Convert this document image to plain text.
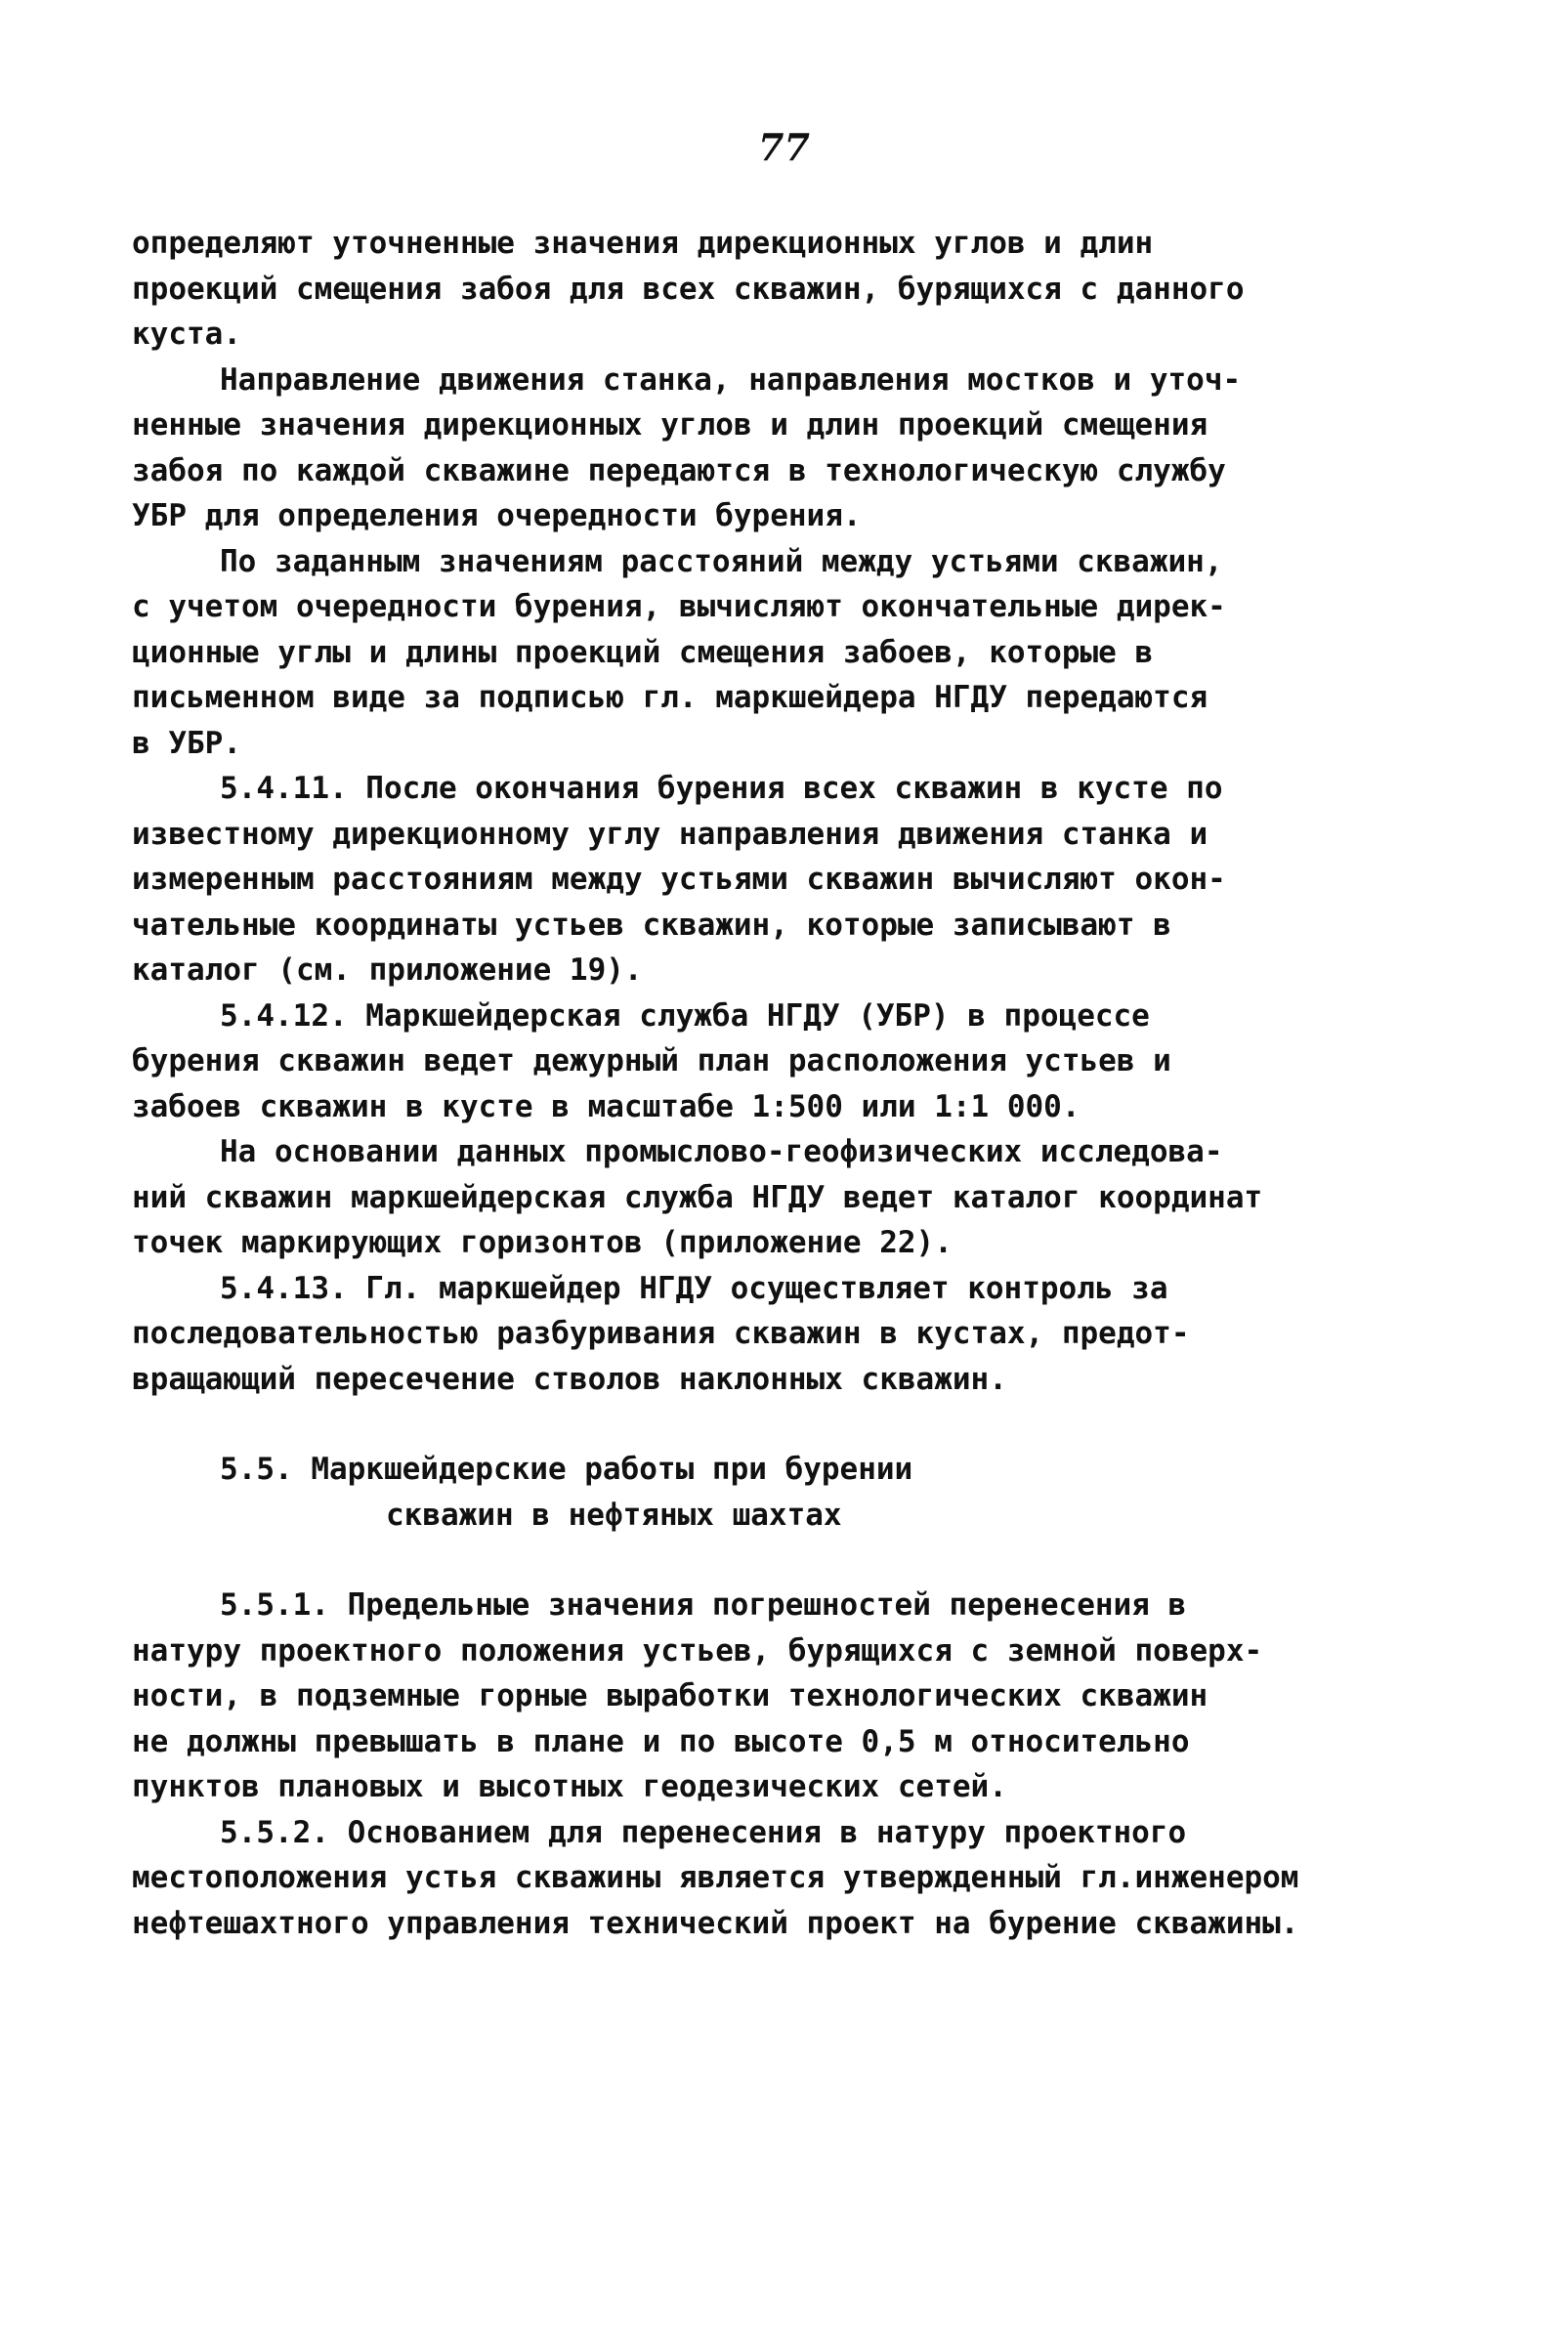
77
определяют уточненные значения дирекционных углов и длин
проекций смещения забоя для всех скважин, бурящихся с данного
куста.
Направление движения станка, направления мостков и уточ-
ненные значения дирекционных углов и длин проекций смещения
забоя по каждой скважине передаются в технологическую службу
УБР для определения очередности бурения.
По заданным значениям расстояний между устьями скважин,
с учетом очередности бурения, вычисляют окончательные дирек-
ционные углы и длины проекций смещения забоев, которые в
письменном виде за подписью гл. маркшейдера НГДУ передаются
в УБР.
5.4.11. После окончания бурения всех скважин в кусте по
известному дирекционному углу направления движения станка и
измеренным расстояниям между устьями скважин вычисляют окон-
чательные координаты устьев скважин, которые записывают в
каталог (см. приложение 19).
5.4.12. Маркшейдерская служба НГДУ (УБР) в процессе
бурения скважин ведет дежурный план расположения устьев и
забоев скважин в кусте в масштабе 1:500 или 1:1 000.
На основании данных промыслово-геофизических исследова-
ний скважин маркшейдерская служба НГДУ ведет каталог координат
точек маркирующих горизонтов (приложение 22).
5.4.13. Гл. маркшейдер НГДУ осуществляет контроль за
последовательностью разбуривания скважин в кустах, предот-
вращающий пересечение стволов наклонных скважин.
5.5. Маркшейдерские работы при бурении
скважин в нефтяных шахтах
5.5.1. Предельные значения погрешностей перенесения в
натуру проектного положения устьев, бурящихся с земной поверх-
ности, в подземные горные выработки технологических скважин
не должны превышать в плане и по высоте 0,5 м относительно
пунктов плановых и высотных геодезических сетей.
5.5.2. Основанием для перенесения в натуру проектного
местоположения устья скважины является утвержденный гл.инженером
нефтешахтного управления технический проект на бурение скважины.
